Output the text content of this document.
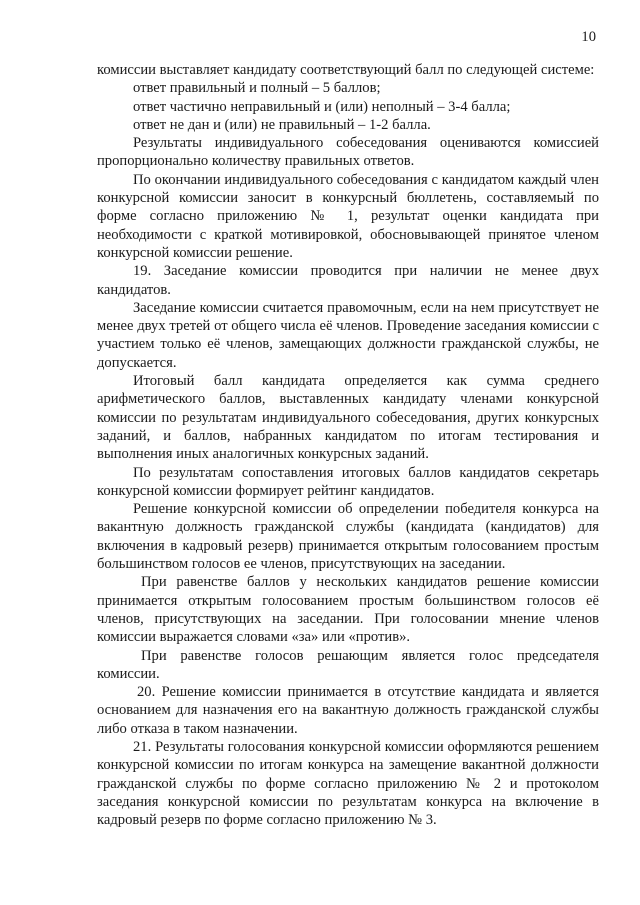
10

комиссии выставляет кандидату соответствующий балл по следующей системе:

ответ правильный и полный – 5 баллов;

ответ частично неправильный и (или) неполный – 3-4 балла;

ответ не дан и (или) не правильный – 1-2 балла.

Результаты индивидуального собеседования оцениваются комиссией пропорционально количеству правильных ответов.

По окончании индивидуального собеседования с кандидатом каждый член конкурсной комиссии заносит в конкурсный бюллетень, составляемый по форме согласно приложению № 1, результат оценки кандидата при необходимости с краткой мотивировкой, обосновывающей принятое членом конкурсной комиссии решение.

19. Заседание комиссии проводится при наличии не менее двух кандидатов.

Заседание комиссии считается правомочным, если на нем присутствует не менее двух третей от общего числа её членов. Проведение заседания комиссии с участием только её членов, замещающих должности гражданской службы, не допускается.

Итоговый балл кандидата определяется как сумма среднего арифметического баллов, выставленных кандидату членами конкурсной комиссии по результатам индивидуального собеседования, других конкурсных заданий, и баллов, набранных кандидатом по итогам тестирования и выполнения иных аналогичных конкурсных заданий.

По результатам сопоставления итоговых баллов кандидатов секретарь конкурсной комиссии формирует рейтинг кандидатов.

Решение конкурсной комиссии об определении победителя конкурса на вакантную должность гражданской службы (кандидата (кандидатов) для включения в кадровый резерв) принимается открытым голосованием простым большинством голосов ее членов, присутствующих на заседании.

При равенстве баллов у нескольких кандидатов решение комиссии принимается открытым голосованием простым большинством голосов её членов, присутствующих на заседании. При голосовании мнение членов комиссии выражается словами «за» или «против».

При равенстве голосов решающим является голос председателя комиссии.

20. Решение комиссии принимается в отсутствие кандидата и является основанием для назначения его на вакантную должность гражданской службы либо отказа в таком назначении.

21. Результаты голосования конкурсной комиссии оформляются решением конкурсной комиссии по итогам конкурса на замещение вакантной должности гражданской службы по форме согласно приложению № 2 и протоколом заседания конкурсной комиссии по результатам конкурса на включение в кадровый резерв по форме согласно приложению № 3.
